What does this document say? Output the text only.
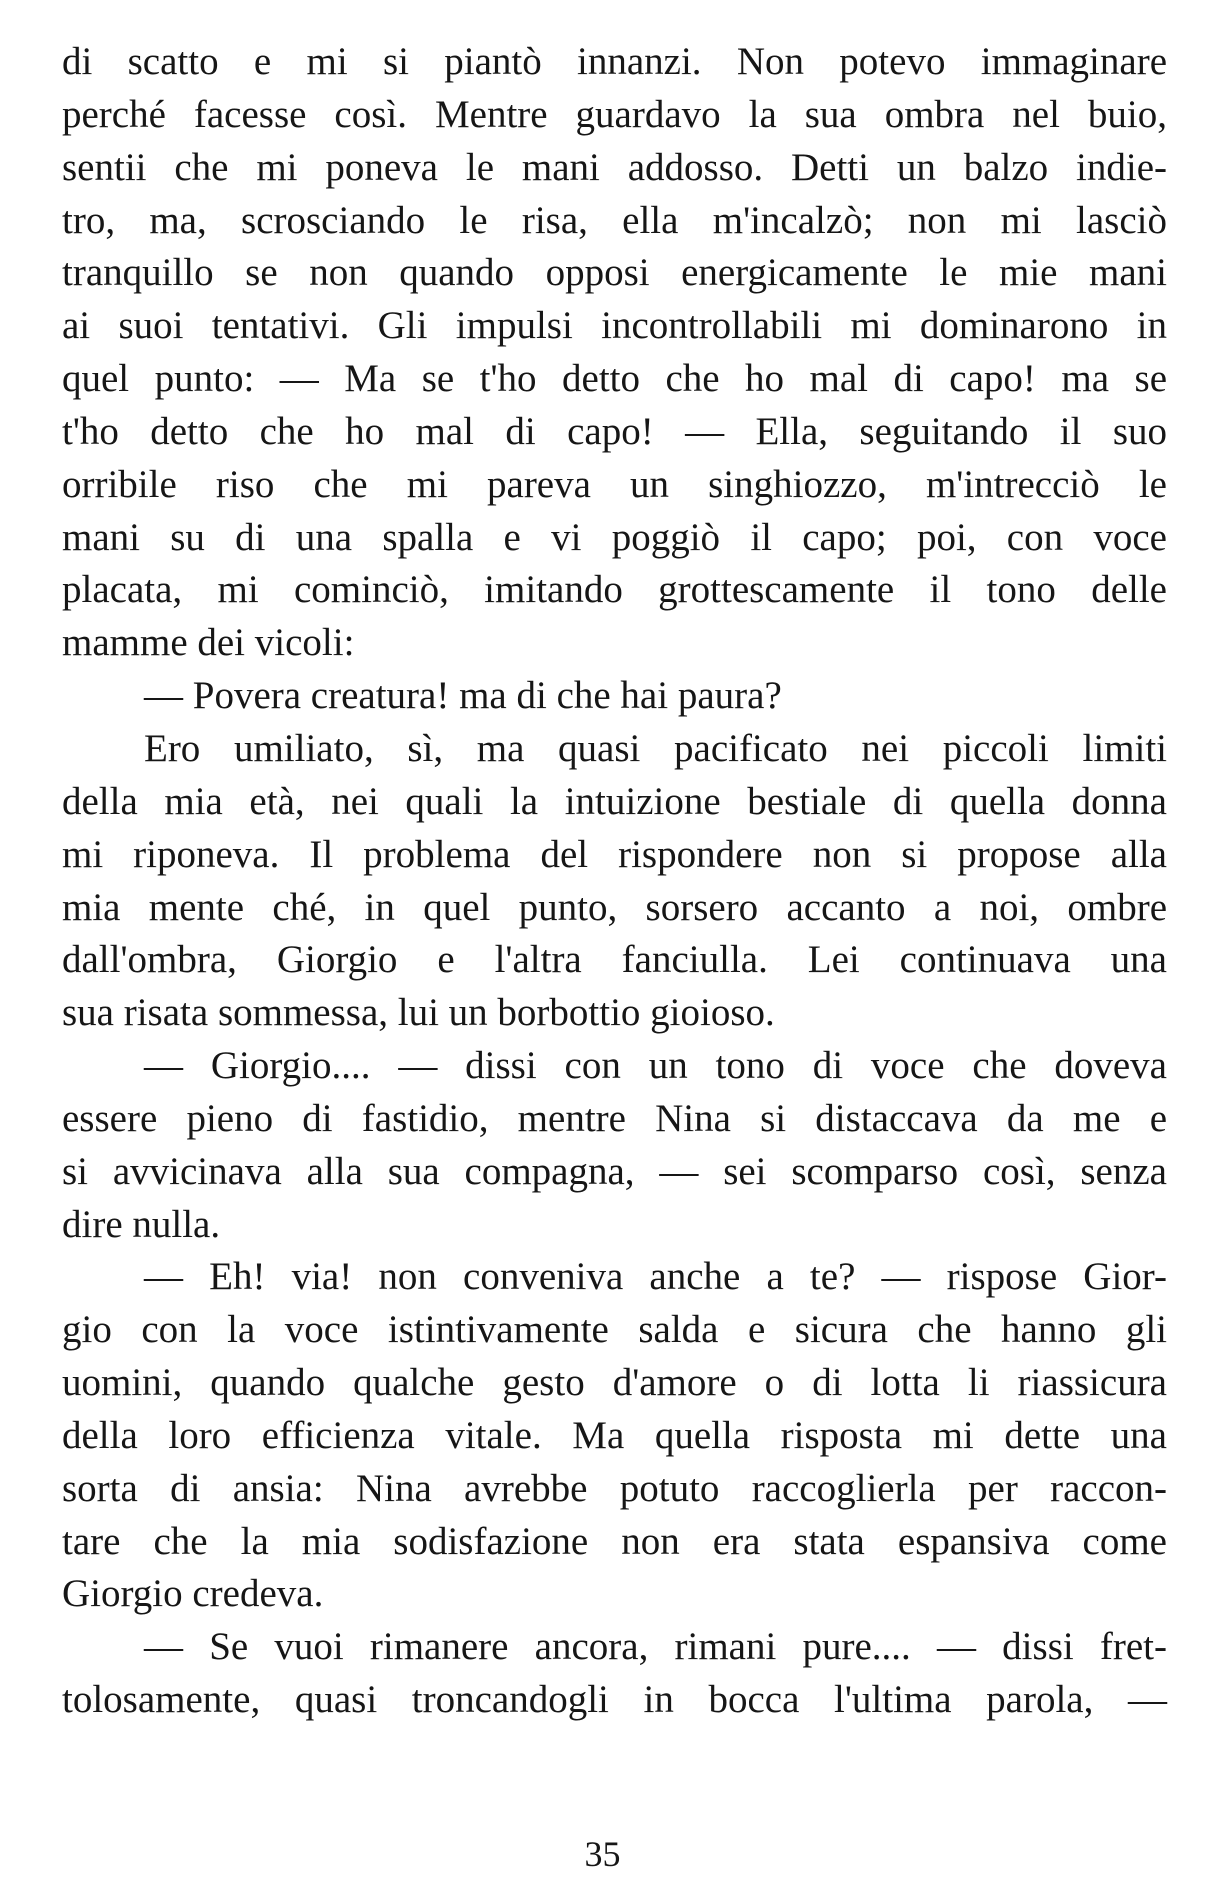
di scatto e mi si piantò innanzi. Non potevo immaginare
perché facesse così. Mentre guardavo la sua ombra nel buio,
sentii che mi poneva le mani addosso. Detti un balzo indie-
tro, ma, scrosciando le risa, ella m'incalzò; non mi lasciò
tranquillo se non quando opposi energicamente le mie mani
ai suoi tentativi. Gli impulsi incontrollabili mi dominarono in
quel punto: — Ma se t'ho detto che ho mal di capo! ma se
t'ho detto che ho mal di capo! — Ella, seguitando il suo
orribile riso che mi pareva un singhiozzo, m'intrecciò le
mani su di una spalla e vi poggiò il capo; poi, con voce
placata, mi cominciò, imitando grottescamente il tono delle
mamme dei vicoli:
— Povera creatura! ma di che hai paura?
Ero umiliato, sì, ma quasi pacificato nei piccoli limiti
della mia età, nei quali la intuizione bestiale di quella donna
mi riponeva. Il problema del rispondere non si propose alla
mia mente ché, in quel punto, sorsero accanto a noi, ombre
dall'ombra, Giorgio e l'altra fanciulla. Lei continuava una
sua risata sommessa, lui un borbottio gioioso.
— Giorgio.... — dissi con un tono di voce che doveva
essere pieno di fastidio, mentre Nina si distaccava da me e
si avvicinava alla sua compagna, — sei scomparso così, senza
dire nulla.
— Eh! via! non conveniva anche a te? — rispose Gior-
gio con la voce istintivamente salda e sicura che hanno gli
uomini, quando qualche gesto d'amore o di lotta li riassicura
della loro efficienza vitale. Ma quella risposta mi dette una
sorta di ansia: Nina avrebbe potuto raccoglierla per raccon-
tare che la mia sodisfazione non era stata espansiva come
Giorgio credeva.
— Se vuoi rimanere ancora, rimani pure.... — dissi fret-
tolosamente, quasi troncandogli in bocca l'ultima parola, —
35
